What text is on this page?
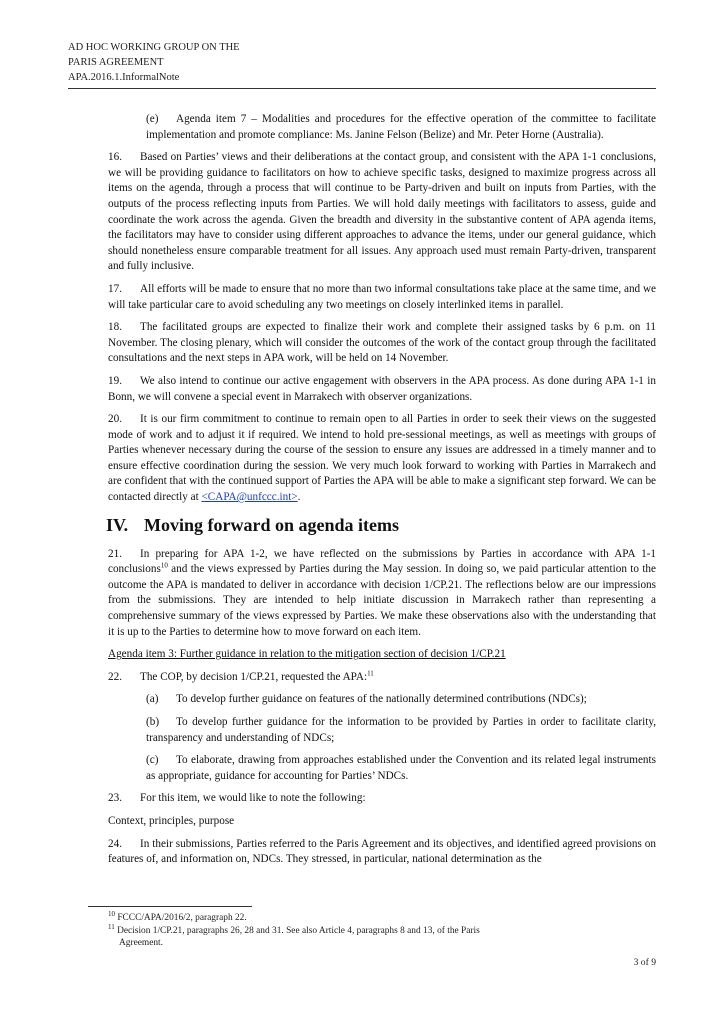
AD HOC WORKING GROUP ON THE
PARIS AGREEMENT
APA.2016.1.InformalNote

(e) Agenda item 7 – Modalities and procedures for the effective operation of the committee to facilitate implementation and promote compliance: Ms. Janine Felson (Belize) and Mr. Peter Horne (Australia).

16. Based on Parties’ views and their deliberations at the contact group, and consistent with the APA 1-1 conclusions, we will be providing guidance to facilitators on how to achieve specific tasks, designed to maximize progress across all items on the agenda, through a process that will continue to be Party-driven and built on inputs from Parties, with the outputs of the process reflecting inputs from Parties. We will hold daily meetings with facilitators to assess, guide and coordinate the work across the agenda. Given the breadth and diversity in the substantive content of APA agenda items, the facilitators may have to consider using different approaches to advance the items, under our general guidance, which should nonetheless ensure comparable treatment for all issues. Any approach used must remain Party-driven, transparent and fully inclusive.

17. All efforts will be made to ensure that no more than two informal consultations take place at the same time, and we will take particular care to avoid scheduling any two meetings on closely interlinked items in parallel.

18. The facilitated groups are expected to finalize their work and complete their assigned tasks by 6 p.m. on 11 November. The closing plenary, which will consider the outcomes of the work of the contact group through the facilitated consultations and the next steps in APA work, will be held on 14 November.

19. We also intend to continue our active engagement with observers in the APA process. As done during APA 1-1 in Bonn, we will convene a special event in Marrakech with observer organizations.

20. It is our firm commitment to continue to remain open to all Parties in order to seek their views on the suggested mode of work and to adjust it if required. We intend to hold pre-sessional meetings, as well as meetings with groups of Parties whenever necessary during the course of the session to ensure any issues are addressed in a timely manner and to ensure effective coordination during the session. We very much look forward to working with Parties in Marrakech and are confident that with the continued support of Parties the APA will be able to make a significant step forward. We can be contacted directly at <CAPA@unfccc.int>.

IV. Moving forward on agenda items

21. In preparing for APA 1-2, we have reflected on the submissions by Parties in accordance with APA 1-1 conclusions$^{10}$ and the views expressed by Parties during the May session. In doing so, we paid particular attention to the outcome the APA is mandated to deliver in accordance with decision 1/CP.21. The reflections below are our impressions from the submissions. They are intended to help initiate discussion in Marrakech rather than representing a comprehensive summary of the views expressed by Parties. We make these observations also with the understanding that it is up to the Parties to determine how to move forward on each item.

Agenda item 3: Further guidance in relation to the mitigation section of decision 1/CP.21

22. The COP, by decision 1/CP.21, requested the APA:$^{11}$

(a) To develop further guidance on features of the nationally determined contributions (NDCs);

(b) To develop further guidance for the information to be provided by Parties in order to facilitate clarity, transparency and understanding of NDCs;

(c) To elaborate, drawing from approaches established under the Convention and its related legal instruments as appropriate, guidance for accounting for Parties’ NDCs.

23. For this item, we would like to note the following:

Context, principles, purpose

24. In their submissions, Parties referred to the Paris Agreement and its objectives, and identified agreed provisions on features of, and information on, NDCs. They stressed, in particular, national determination as the

$^{10}$ FCCC/APA/2016/2, paragraph 22.

$^{11}$ Decision 1/CP.21, paragraphs 26, 28 and 31. See also Article 4, paragraphs 8 and 13, of the Paris

Agreement.

3 of 9
